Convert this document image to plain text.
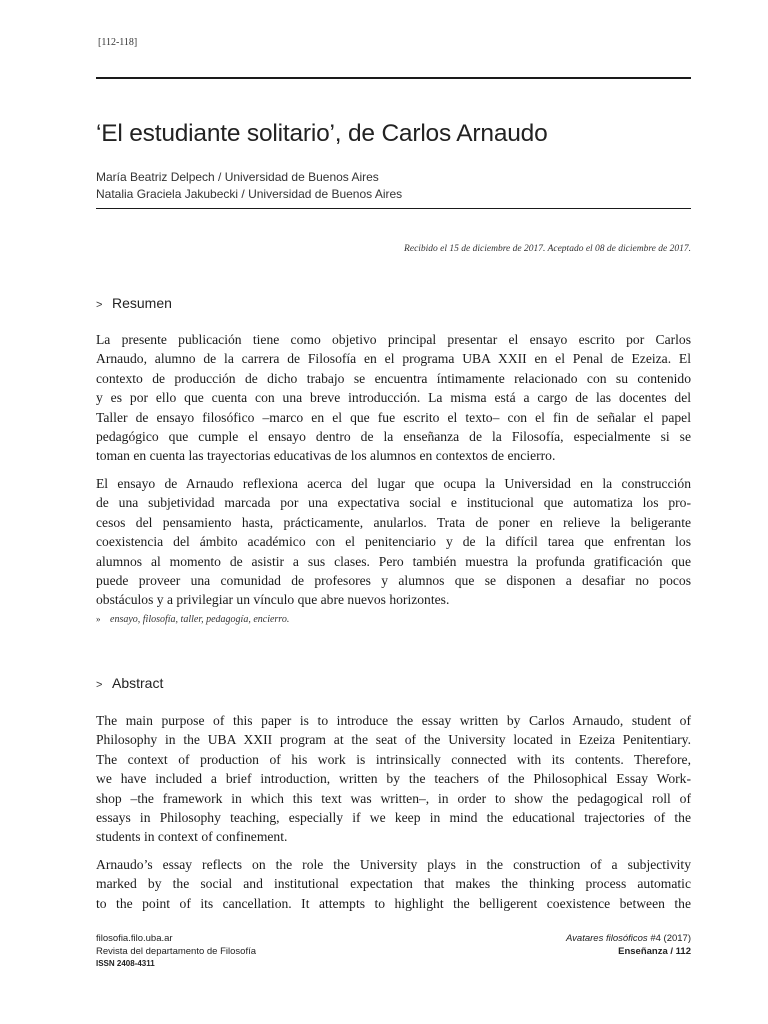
[112-118]
‘El estudiante solitario’, de Carlos Arnaudo
María Beatriz Delpech / Universidad de Buenos Aires
Natalia Graciela Jakubecki / Universidad de Buenos Aires
Recibido el 15 de diciembre de 2017. Aceptado el 08 de diciembre de 2017.
> Resumen
La presente publicación tiene como objetivo principal presentar el ensayo escrito por Carlos
Arnaudo, alumno de la carrera de Filosofía en el programa UBA XXII en el Penal de Ezeiza. El
contexto de producción de dicho trabajo se encuentra íntimamente relacionado con su contenido
y es por ello que cuenta con una breve introducción. La misma está a cargo de las docentes del
Taller de ensayo filosófico –marco en el que fue escrito el texto– con el fin de señalar el papel
pedagógico que cumple el ensayo dentro de la enseñanza de la Filosofía, especialmente si se
toman en cuenta las trayectorias educativas de los alumnos en contextos de encierro.
El ensayo de Arnaudo reflexiona acerca del lugar que ocupa la Universidad en la construcción
de una subjetividad marcada por una expectativa social e institucional que automatiza los pro-
cesos del pensamiento hasta, prácticamente, anularlos. Trata de poner en relieve la beligerante
coexistencia del ámbito académico con el penitenciario y de la difícil tarea que enfrentan los
alumnos al momento de asistir a sus clases. Pero también muestra la profunda gratificación que
puede proveer una comunidad de profesores y alumnos que se disponen a desafiar no pocos
obstáculos y a privilegiar un vínculo que abre nuevos horizontes.
» ensayo, filosofía, taller, pedagogía, encierro.
> Abstract
The main purpose of this paper is to introduce the essay written by Carlos Arnaudo, student of
Philosophy in the UBA XXII program at the seat of the University located in Ezeiza Penitentiary.
The context of production of his work is intrinsically connected with its contents. Therefore,
we have included a brief introduction, written by the teachers of the Philosophical Essay Work-
shop –the framework in which this text was written–, in order to show the pedagogical roll of
essays in Philosophy teaching, especially if we keep in mind the educational trajectories of the
students in context of confinement.
Arnaudo’s essay reflects on the role the University plays in the construction of a subjectivity
marked by the social and institutional expectation that makes the thinking process automatic
to the point of its cancellation. It attempts to highlight the belligerent coexistence between the
filosofia.filo.uba.ar
Revista del departamento de Filosofía
ISSN 2408-4311
Avatares filosóficos #4 (2017)
Enseñanza / 112
